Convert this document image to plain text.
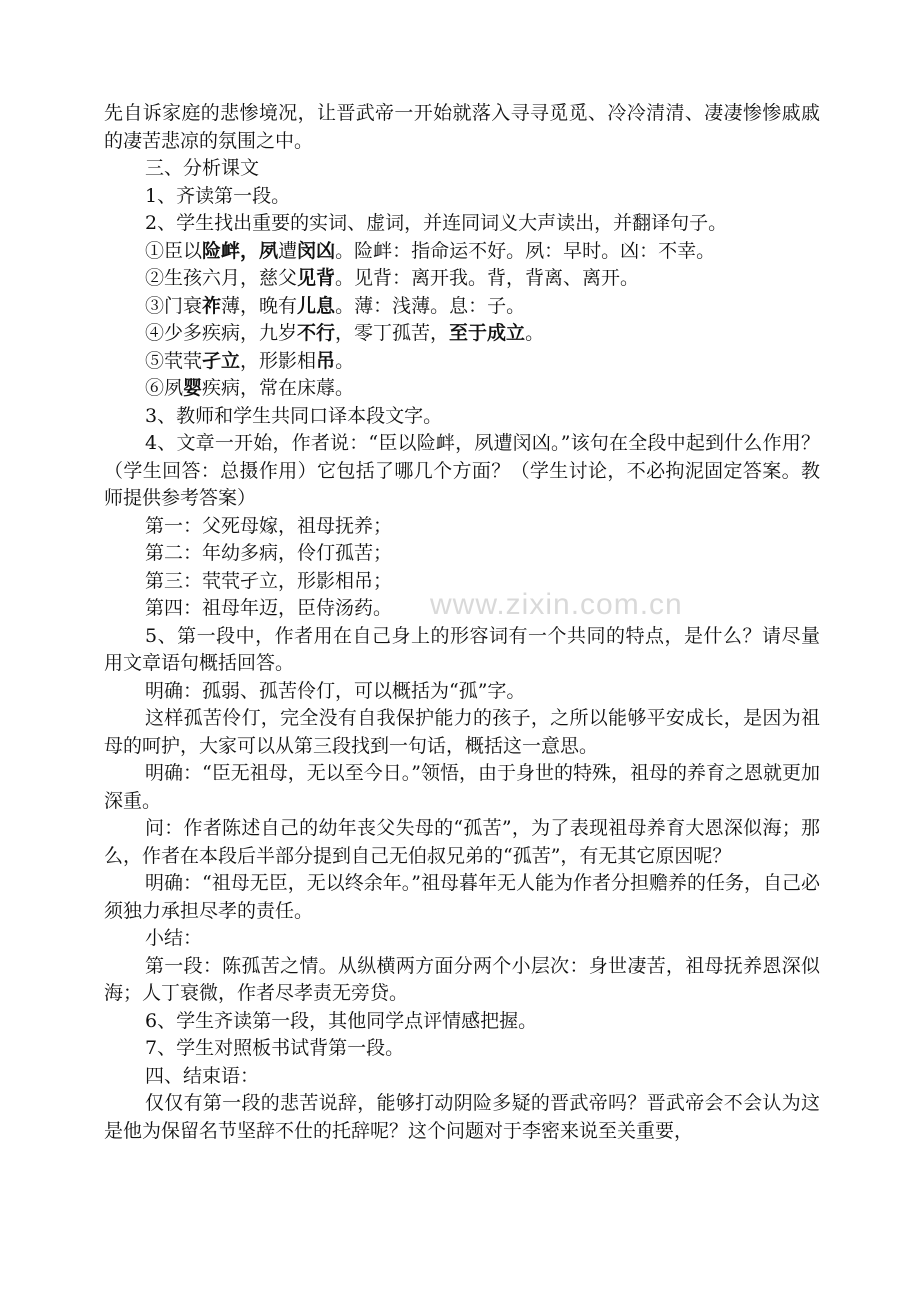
www.zixin.com.cn

先自诉家庭的悲惨境况，让晋武帝一开始就落入寻寻觅觅、冷冷清清、凄凄惨惨戚戚的凄苦悲凉的氛围之中。

三、分析课文

1、齐读第一段。

2、学生找出重要的实词、虚词，并连同词义大声读出，并翻译句子。

①臣以险衅，夙遭闵凶。险衅：指命运不好。夙：早时。凶：不幸。

②生孩六月，慈父见背。见背：离开我。背，背离、离开。

③门衰祚薄，晚有儿息。薄：浅薄。息：子。

④少多疾病，九岁不行，零丁孤苦，至于成立。

⑤茕茕孑立，形影相吊。

⑥夙婴疾病，常在床蓐。

3、教师和学生共同口译本段文字。

4、文章一开始，作者说：“臣以险衅，夙遭闵凶。”该句在全段中起到什么作用？（学生回答：总摄作用）它包括了哪几个方面？（学生讨论，不必拘泥固定答案。教师提供参考答案）

第一：父死母嫁，祖母抚养；

第二：年幼多病，伶仃孤苦；

第三：茕茕孑立，形影相吊；

第四：祖母年迈，臣侍汤药。

5、第一段中，作者用在自己身上的形容词有一个共同的特点，是什么？请尽量用文章语句概括回答。

明确：孤弱、孤苦伶仃，可以概括为“孤”字。

这样孤苦伶仃，完全没有自我保护能力的孩子，之所以能够平安成长，是因为祖母的呵护，大家可以从第三段找到一句话，概括这一意思。

明确：“臣无祖母，无以至今日。”领悟，由于身世的特殊，祖母的养育之恩就更加深重。

问：作者陈述自己的幼年丧父失母的“孤苦”，为了表现祖母养育大恩深似海；那么，作者在本段后半部分提到自己无伯叔兄弟的“孤苦”，有无其它原因呢？

明确：“祖母无臣，无以终余年。”祖母暮年无人能为作者分担赡养的任务，自己必须独力承担尽孝的责任。

小结：

第一段：陈孤苦之情。从纵横两方面分两个小层次：身世凄苦，祖母抚养恩深似海；人丁衰微，作者尽孝责无旁贷。

6、学生齐读第一段，其他同学点评情感把握。

7、学生对照板书试背第一段。

四、结束语：

仅仅有第一段的悲苦说辞，能够打动阴险多疑的晋武帝吗？晋武帝会不会认为这是他为保留名节坚辞不仕的托辞呢？这个问题对于李密来说至关重要，
